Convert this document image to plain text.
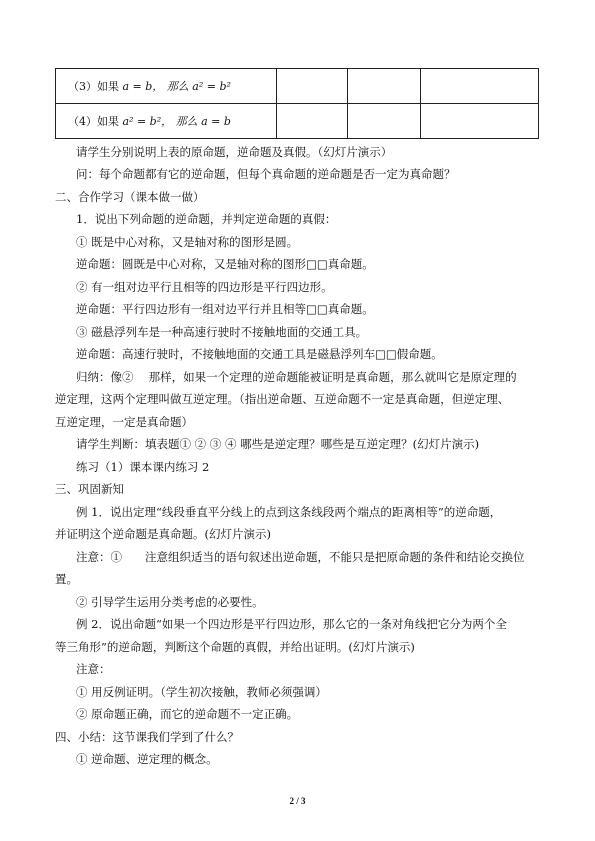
（3）如果 a = b， 那么 a² = b²			
（4）如果 a² = b²， 那么 a = b			
请学生分别说明上表的原命题，逆命题及真假。（幻灯片演示）
问：每个命题都有它的逆命题，但每个真命题的逆命题是否一定为真命题？
二、合作学习（课本做一做）
1．说出下列命题的逆命题，并判定逆命题的真假：
① 既是中心对称，又是轴对称的图形是圆。
逆命题：圆既是中心对称，又是轴对称的图形□□真命题。
② 有一组对边平行且相等的四边形是平行四边形。
逆命题：平行四边形有一组对边平行并且相等□□真命题。
③ 磁悬浮列车是一种高速行驶时不接触地面的交通工具。
逆命题：高速行驶时，不接触地面的交通工具是磁悬浮列车□□假命题。
归纳：像②　 那样，如果一个定理的逆命题能被证明是真命题，那么就叫它是原定理的
逆定理，这两个定理叫做互逆定理。（指出逆命题、互逆命题不一定是真命题，但逆定理、
互逆定理，一定是真命题）
请学生判断：填表题① ② ③ ④ 哪些是逆定理？哪些是互逆定理？(幻灯片演示)
练习（1）课本课内练习 2
三、巩固新知
例 1．说出定理“线段垂直平分线上的点到这条线段两个端点的距离相等”的逆命题，
并证明这个逆命题是真命题。(幻灯片演示)
注意：①　　注意组织适当的语句叙述出逆命题，不能只是把原命题的条件和结论交换位
置。
② 引导学生运用分类考虑的必要性。
例 2．说出命题“如果一个四边形是平行四边形，那么它的一条对角线把它分为两个全
等三角形”的逆命题，判断这个命题的真假，并给出证明。(幻灯片演示)
注意：
① 用反例证明。（学生初次接触，教师必须强调）
② 原命题正确，而它的逆命题不一定正确。
四、小结：这节课我们学到了什么？
① 逆命题、逆定理的概念。
2 / 3
